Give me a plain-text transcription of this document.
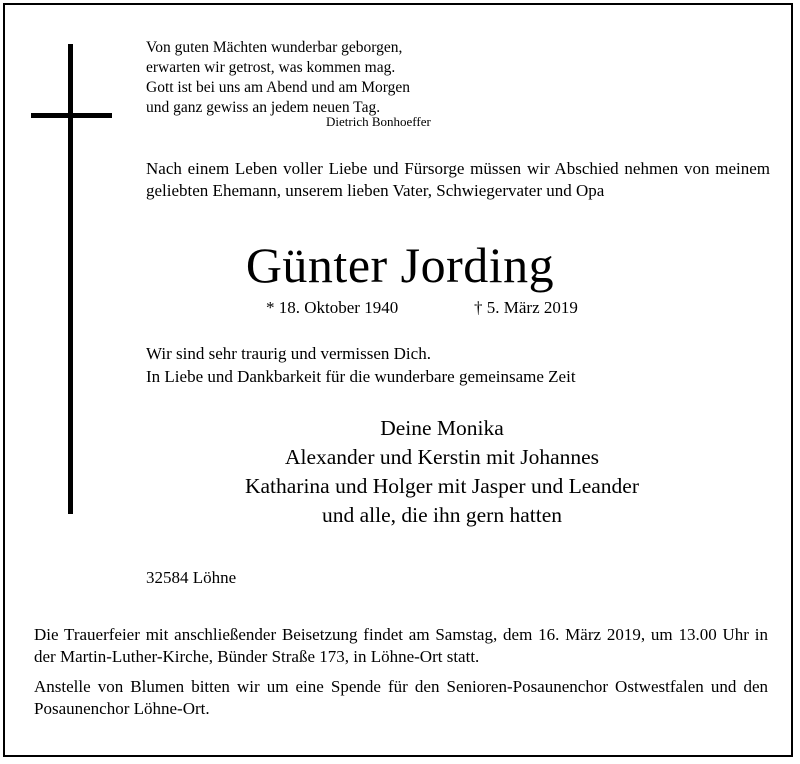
Von guten Mächten wunderbar geborgen,
erwarten wir getrost, was kommen mag.
Gott ist bei uns am Abend und am Morgen
und ganz gewiss an jedem neuen Tag.
Dietrich Bonhoeffer
Nach einem Leben voller Liebe und Fürsorge müssen wir Abschied nehmen von meinem geliebten Ehemann, unserem lieben Vater, Schwiegervater und Opa
Günter Jording
* 18. Oktober 1940	† 5. März 2019
Wir sind sehr traurig und vermissen Dich.
In Liebe und Dankbarkeit für die wunderbare gemeinsame Zeit
Deine Monika
Alexander und Kerstin mit Johannes
Katharina und Holger mit Jasper und Leander
und alle, die ihn gern hatten
32584 Löhne
Die Trauerfeier mit anschließender Beisetzung findet am Samstag, dem 16. März 2019, um 13.00 Uhr in der Martin-Luther-Kirche, Bünder Straße 173, in Löhne-Ort statt.
Anstelle von Blumen bitten wir um eine Spende für den Senioren-Posaunenchor Ostwestfalen und den Posaunenchor Löhne-Ort.
